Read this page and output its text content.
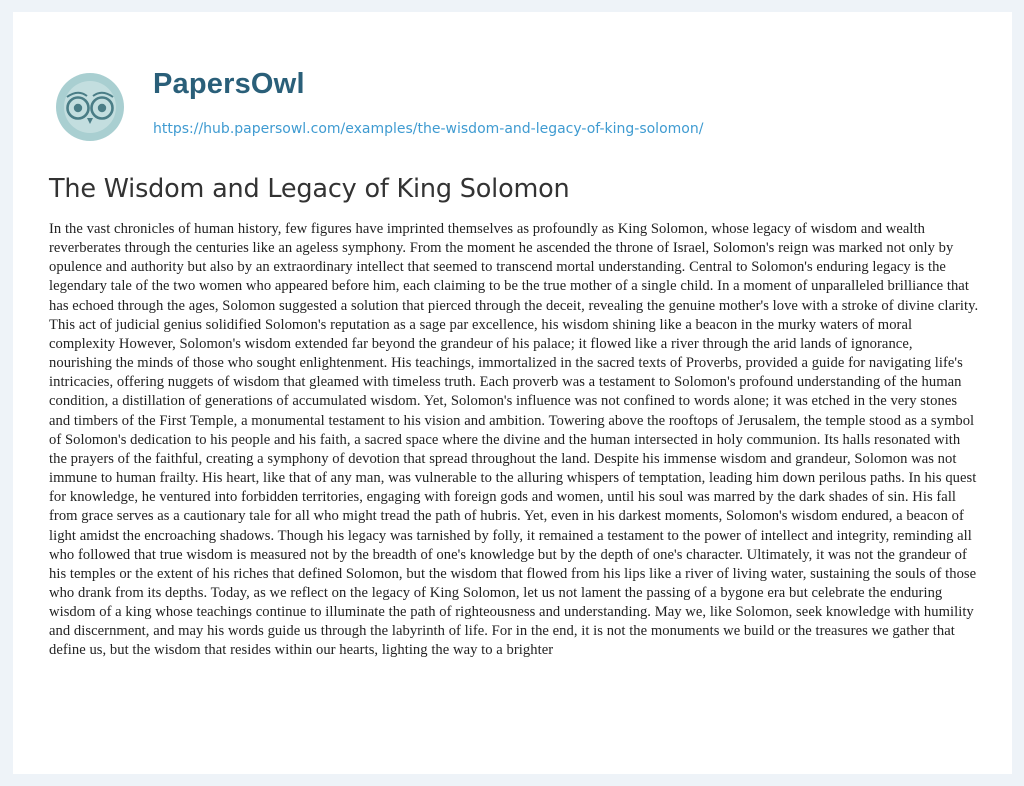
PapersOwl
https://hub.papersowl.com/examples/the-wisdom-and-legacy-of-king-solomon/
The Wisdom and Legacy of King Solomon

In the vast chronicles of human history, few figures have imprinted themselves as profoundly as King Solomon, whose legacy of wisdom and wealth reverberates through the centuries like an ageless symphony. From the moment he ascended the throne of Israel, Solomon's reign was marked not only by opulence and authority but also by an extraordinary intellect that seemed to transcend mortal understanding. Central to Solomon's enduring legacy is the legendary tale of the two women who appeared before him, each claiming to be the true mother of a single child. In a moment of unparalleled brilliance that has echoed through the ages, Solomon suggested a solution that pierced through the deceit, revealing the genuine mother's love with a stroke of divine clarity. This act of judicial genius solidified Solomon's reputation as a sage par excellence, his wisdom shining like a beacon in the murky waters of moral complexity However, Solomon's wisdom extended far beyond the grandeur of his palace; it flowed like a river through the arid lands of ignorance, nourishing the minds of those who sought enlightenment. His teachings, immortalized in the sacred texts of Proverbs, provided a guide for navigating life's intricacies, offering nuggets of wisdom that gleamed with timeless truth. Each proverb was a testament to Solomon's profound understanding of the human condition, a distillation of generations of accumulated wisdom. Yet, Solomon's influence was not confined to words alone; it was etched in the very stones and timbers of the First Temple, a monumental testament to his vision and ambition. Towering above the rooftops of Jerusalem, the temple stood as a symbol of Solomon's dedication to his people and his faith, a sacred space where the divine and the human intersected in holy communion. Its halls resonated with the prayers of the faithful, creating a symphony of devotion that spread throughout the land. Despite his immense wisdom and grandeur, Solomon was not immune to human frailty. His heart, like that of any man, was vulnerable to the alluring whispers of temptation, leading him down perilous paths. In his quest for knowledge, he ventured into forbidden territories, engaging with foreign gods and women, until his soul was marred by the dark shades of sin. His fall from grace serves as a cautionary tale for all who might tread the path of hubris. Yet, even in his darkest moments, Solomon's wisdom endured, a beacon of light amidst the encroaching shadows. Though his legacy was tarnished by folly, it remained a testament to the power of intellect and integrity, reminding all who followed that true wisdom is measured not by the breadth of one's knowledge but by the depth of one's character. Ultimately, it was not the grandeur of his temples or the extent of his riches that defined Solomon, but the wisdom that flowed from his lips like a river of living water, sustaining the souls of those who drank from its depths. Today, as we reflect on the legacy of King Solomon, let us not lament the passing of a bygone era but celebrate the enduring wisdom of a king whose teachings continue to illuminate the path of righteousness and understanding. May we, like Solomon, seek knowledge with humility and discernment, and may his words guide us through the labyrinth of life. For in the end, it is not the monuments we build or the treasures we gather that define us, but the wisdom that resides within our hearts, lighting the way to a brighter
